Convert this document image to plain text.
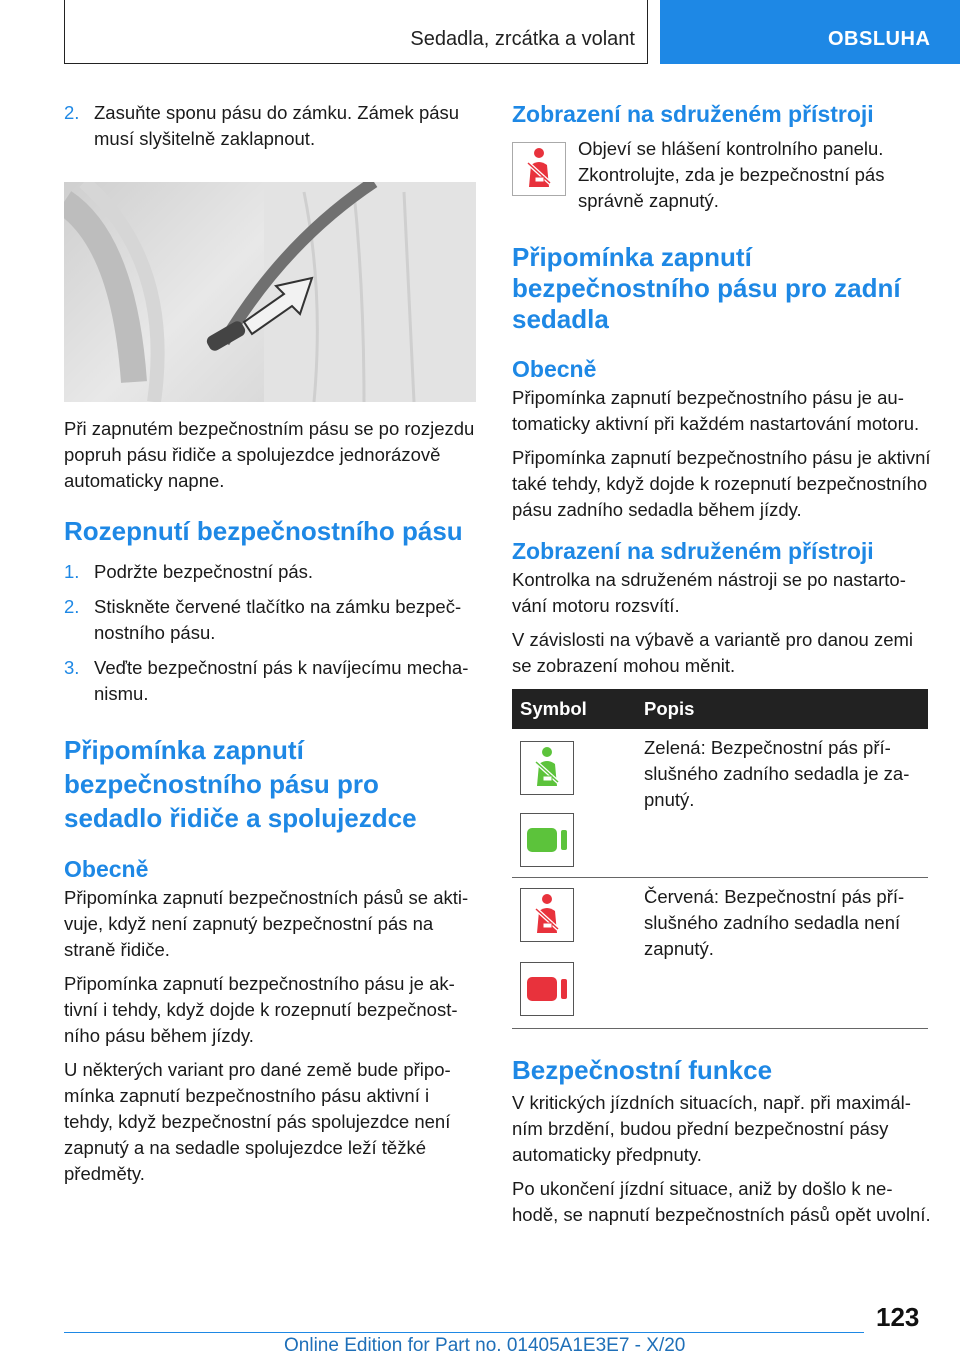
Sedadla, zrcátka a volant	OBSLUHA
2. Zasuňte sponu pásu do zámku. Zámek pásu musí slyšitelně zaklapnout.

Při zapnutém bezpečnostním pásu se po rozjezdu popruh pásu řidiče a spolujezdce jednorázově automaticky napne.

Rozepnutí bezpečnostního pásu
1. Podržte bezpečnostní pás.
2. Stiskněte červené tlačítko na zámku bezpečnostního pásu.
3. Veďte bezpečnostní pás k navíjecímu mechanismu.
Připomínka zapnutí bezpečnostního pásu pro sedadlo řidiče a spolujezdce
Obecně

Připomínka zapnutí bezpečnostních pásů se aktivuje, když není zapnutý bezpečnostní pás na straně řidiče.

Připomínka zapnutí bezpečnostního pásu je aktivní i tehdy, když dojde k rozepnutí bezpečnostního pásu během jízdy.

U některých variant pro dané země bude připomínka zapnutí bezpečnostního pásu aktivní i tehdy, když bezpečnostní pás spolujezdce není zapnutý a na sedadle spolujezdce leží těžké předměty.

Zobrazení na sdruženém přístroji

Objeví se hlášení kontrolního panelu. Zkontrolujte, zda je bezpečnostní pás správně zapnutý.

Připomínka zapnutí bezpečnostního pásu pro zadní sedadla
Obecně

Připomínka zapnutí bezpečnostního pásu je automaticky aktivní při každém nastartování motoru.

Připomínka zapnutí bezpečnostního pásu je aktivní také tehdy, když dojde k rozepnutí bezpečnostního pásu zadního sedadla během jízdy.

Zobrazení na sdruženém přístroji

Kontrolka na sdruženém nástroji se po nastartování motoru rozsvítí.

V závislosti na výbavě a variantě pro danou zemi se zobrazení mohou měnit.

Symbol	Popis

Zelená: Bezpečnostní pás příslušného zadního sedadla je zapnutý.

Červená: Bezpečnostní pás příslušného zadního sedadla není zapnutý.

Bezpečnostní funkce

V kritických jízdních situacích, např. při maximálním brzdění, budou přední bezpečnostní pásy automaticky předpnuty.

Po ukončení jízdní situace, aniž by došlo k nehodě, se napnutí bezpečnostních pásů opět uvolní.

123
Online Edition for Part no. 01405A1E3E7 - X/20
